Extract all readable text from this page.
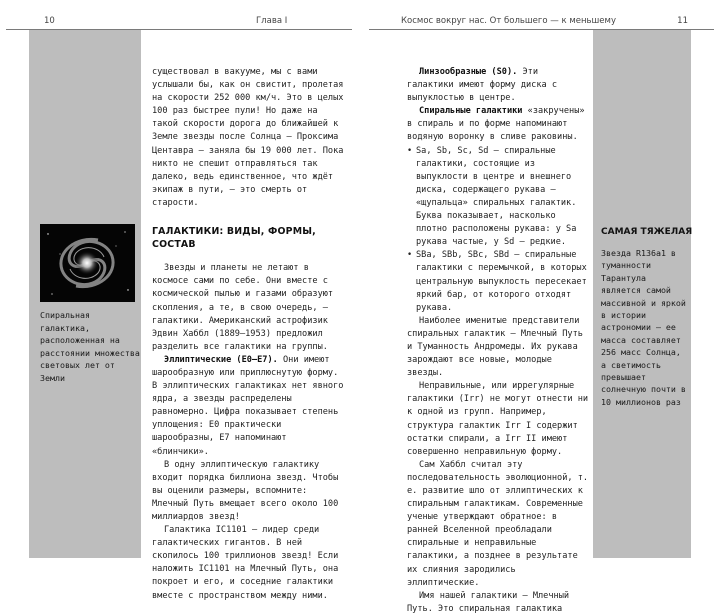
10	Глава I
Спиральная галактика, расположенная на расстоянии множества световых лет от Земли

существовал в вакууме, мы с вами услышали бы, как он свистит, пролетая на скорости 252 000 км/ч. Это в целых 100 раз быстрее пули! Но даже на такой скорости дорога до ближайшей к Земле звезды после Солнца — Проксима Центавра — заняла бы 19 000 лет. Пока никто не спешит отправляться так далеко, ведь единственное, что ждёт экипаж в пути, — это смерть от старости.

ГАЛАКТИКИ: ВИДЫ, ФОРМЫ, СОСТАВ

Звезды и планеты не летают в космосе сами по себе. Они вместе с космической пылью и газами образуют скопления, а те, в свою очередь, — галактики. Американский астрофизик Эдвин Хаббл (1889–1953) предложил разделить все галактики на группы.

Эллиптические (Е0—Е7). Они имеют шарообразную или приплюснутую форму. В эллиптических галактиках нет явного ядра, а звезды распределены равномерно. Цифра показывает степень уплощения: Е0 практически шарообразны, Е7 напоминают «блинчики».

В одну эллиптическую галактику входит порядка биллиона звезд. Чтобы вы оценили размеры, вспомните: Млечный Путь вмещает всего около 100 миллиардов звезд!

Галактика IC1101 — лидер среди галактических гигантов. В ней скопилось 100 триллионов звезд! Если наложить IC1101 на Млечный Путь, она покроет и его, и соседние галактики вместе с пространством между ними.

Космос вокруг нас. От большего — к меньшему	11

Линзообразные (S0). Эти галактики имеют форму диска с выпуклостью в центре.

Спиральные галактики «закручены» в спираль и по форме напоминают водяную воронку в сливе раковины.

• Sa, Sb, Sc, Sd — спиральные галактики, состоящие из выпуклости в центре и внешнего диска, содержащего рукава — «щупальца» спиральных галактик. Буква показывает, насколько плотно расположены рукава: у Sa рукава частые, у Sd — редкие.
• SBa, SBb, SBc, SBd — спиральные галактики с перемычкой, в которых центральную выпуклость пересекает яркий бар, от которого отходят рукава.

Наиболее именитые представители спиральных галактик — Млечный Путь и Туманность Андромеды. Их рукава зарождают все новые, молодые звезды.

Неправильные, или иррегулярные галактики (Irr) не могут отнести ни к одной из групп. Например, структура галактик Irr I содержит остатки спирали, а Irr II имеют совершенно неправильную форму.

Сам Хаббл считал эту последовательность эволюционной, т. е. развитие шло от эллиптических к спиральным галактикам. Современные ученые утверждают обратное: в ранней Вселенной преобладали спиральные и неправильные галактики, а позднее в результате их слияния зародились эллиптические.

Имя нашей галактики — Млечный Путь. Это спиральная галактика

САМАЯ ТЯЖЕЛАЯ
Звезда R136a1 в туманности Тарантула является самой массивной и яркой в истории астрономии — ее масса составляет 256 масс Солнца, а светимость превышает солнечную почти в 10 миллионов раз
